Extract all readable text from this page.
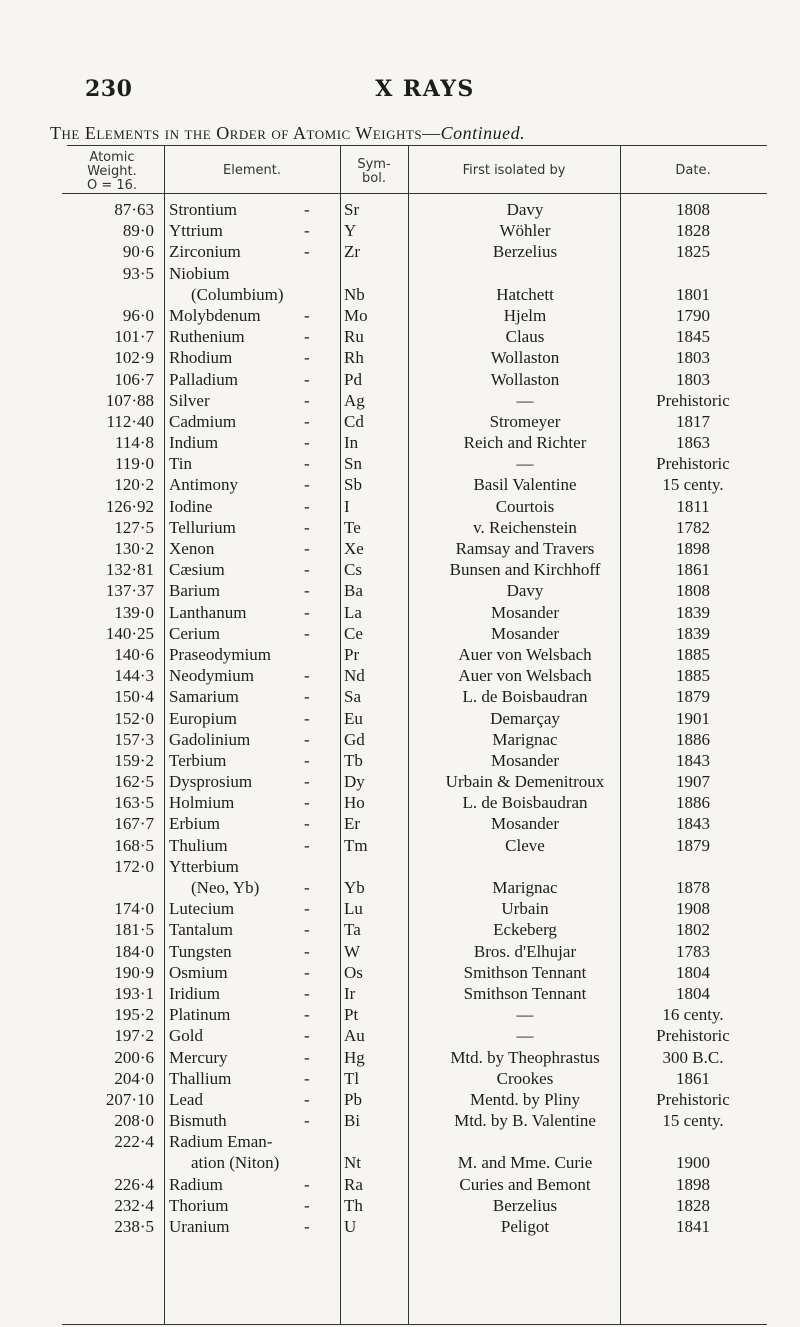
230	X RAYS
The Elements in the Order of Atomic Weights—Continued.
Atomic
Weight.
O = 16.
Element.	Sym-
bol.
First isolated by	Date.
87·63 Strontium	- Sr	Davy	1808
89·0 Yttrium	- Y	Wöhler	1828
90·6 Zirconium	- Zr	Berzelius	1825
93·5 Niobium
(Columbium)	Nb	Hatchett	1801
96·0 Molybdenum	- Mo	Hjelm	1790
101·7 Ruthenium	- Ru	Claus	1845
102·9 Rhodium	- Rh	Wollaston	1803
106·7 Palladium	- Pd	Wollaston	1803
107·88 Silver	- Ag	—	Prehistoric
112·40 Cadmium	- Cd	Stromeyer	1817
114·8 Indium	- In	Reich and Richter	1863
119·0 Tin	- Sn	—	Prehistoric
120·2 Antimony	- Sb	Basil Valentine	15 centy.
126·92 Iodine	- I	Courtois	1811
127·5 Tellurium	- Te	v. Reichenstein	1782
130·2 Xenon	- Xe	Ramsay and Travers	1898
132·81 Cæsium	- Cs	Bunsen and Kirchhoff	1861
137·37 Barium	- Ba	Davy	1808
139·0 Lanthanum	- La	Mosander	1839
140·25 Cerium	- Ce	Mosander	1839
140·6 Praseodymium	Pr	Auer von Welsbach	1885
144·3 Neodymium	- Nd	Auer von Welsbach	1885
150·4 Samarium	- Sa	L. de Boisbaudran	1879
152·0 Europium	- Eu	Demarçay	1901
157·3 Gadolinium	- Gd	Marignac	1886
159·2 Terbium	- Tb	Mosander	1843
162·5 Dysprosium	- Dy	Urbain & Demenitroux	1907
163·5 Holmium	- Ho	L. de Boisbaudran	1886
167·7 Erbium	- Er	Mosander	1843
168·5 Thulium	- Tm	Cleve	1879
172·0 Ytterbium
(Neo, Yb)	- Yb	Marignac	1878
174·0 Lutecium	- Lu	Urbain	1908
181·5 Tantalum	- Ta	Eckeberg	1802
184·0 Tungsten	- W	Bros. d'Elhujar	1783
190·9 Osmium	- Os	Smithson Tennant	1804
193·1 Iridium	- Ir	Smithson Tennant	1804
195·2 Platinum	- Pt	—	16 centy.
197·2 Gold	- Au	—	Prehistoric
200·6 Mercury	- Hg	Mtd. by Theophrastus	300 B.C.
204·0 Thallium	- Tl	Crookes	1861
207·10 Lead	- Pb	Mentd. by Pliny	Prehistoric
208·0 Bismuth	- Bi	Mtd. by B. Valentine	15 centy.
222·4 Radium Eman-
ation (Niton)	Nt	M. and Mme. Curie	1900
226·4 Radium	- Ra	Curies and Bemont	1898
232·4 Thorium	- Th	Berzelius	1828
238·5 Uranium	- U	Peligot	1841
